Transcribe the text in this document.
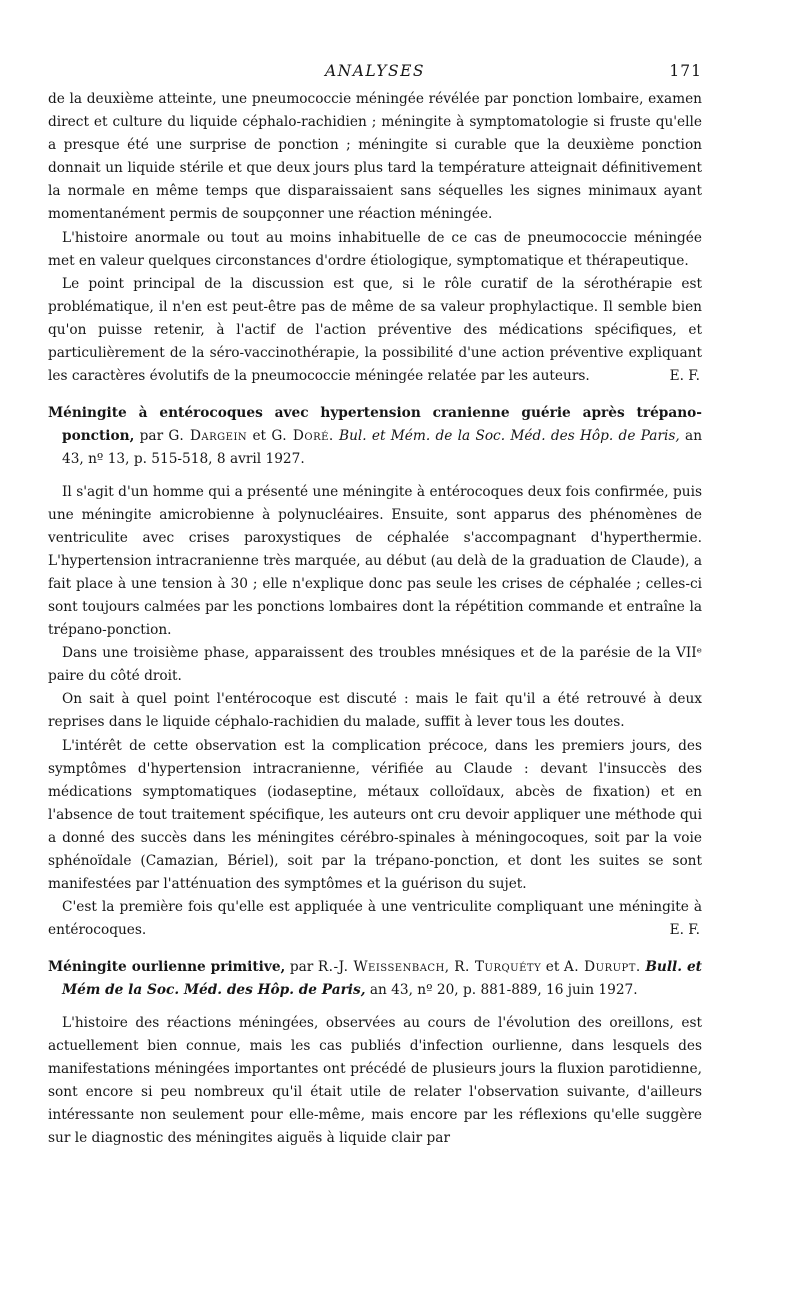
ANALYSES	171

de la deuxième atteinte, une pneumococcie méningée révélée par ponction lombaire, examen direct et culture du liquide céphalo-rachidien ; méningite à symptomatologie si fruste qu'elle a presque été une surprise de ponction ; méningite si curable que la deuxième ponction donnait un liquide stérile et que deux jours plus tard la température atteignait définitivement la normale en même temps que disparaissaient sans séquelles les signes minimaux ayant momentanément permis de soupçonner une réaction méningée.

L'histoire anormale ou tout au moins inhabituelle de ce cas de pneumococcie méningée met en valeur quelques circonstances d'ordre étiologique, symptomatique et thérapeutique.

Le point principal de la discussion est que, si le rôle curatif de la sérothérapie est problématique, il n'en est peut-être pas de même de sa valeur prophylactique. Il semble bien qu'on puisse retenir, à l'actif de l'action préventive des médications spécifiques, et particulièrement de la séro-vaccinothérapie, la possibilité d'une action préventive expliquant les caractères évolutifs de la pneumococcie méningée relatée par les auteurs.	E. F.

Méningite à entérocoques avec hypertension cranienne guérie après trépano-ponction, par G. Dargein et G. Doré. Bul. et Mém. de la Soc. Méd. des Hôp. de Paris, an 43, nº 13, p. 515-518, 8 avril 1927.

Il s'agit d'un homme qui a présenté une méningite à entérocoques deux fois confirmée, puis une méningite amicrobienne à polynucléaires. Ensuite, sont apparus des phénomènes de ventriculite avec crises paroxystiques de céphalée s'accompagnant d'hyperthermie. L'hypertension intracranienne très marquée, au début (au delà de la graduation de Claude), a fait place à une tension à 30 ; elle n'explique donc pas seule les crises de céphalée ; celles-ci sont toujours calmées par les ponctions lombaires dont la répétition commande et entraîne la trépano-ponction.

Dans une troisième phase, apparaissent des troubles mnésiques et de la parésie de la VIIᵉ paire du côté droit.

On sait à quel point l'entérocoque est discuté : mais le fait qu'il a été retrouvé à deux reprises dans le liquide céphalo-rachidien du malade, suffit à lever tous les doutes.

L'intérêt de cette observation est la complication précoce, dans les premiers jours, des symptômes d'hypertension intracranienne, vérifiée au Claude : devant l'insuccès des médications symptomatiques (iodaseptine, métaux colloïdaux, abcès de fixation) et en l'absence de tout traitement spécifique, les auteurs ont cru devoir appliquer une méthode qui a donné des succès dans les méningites cérébro-spinales à méningocoques, soit par la voie sphénoïdale (Camazian, Bériel), soit par la trépano-ponction, et dont les suites se sont manifestées par l'atténuation des symptômes et la guérison du sujet.

C'est la première fois qu'elle est appliquée à une ventriculite compliquant une méningite à entérocoques.	E. F.

Méningite ourlienne primitive, par R.-J. Weissenbach, R. Turquéty et A. Durupt. Bull. et Mém de la Soc. Méd. des Hôp. de Paris, an 43, nº 20, p. 881-889, 16 juin 1927.

L'histoire des réactions méningées, observées au cours de l'évolution des oreillons, est actuellement bien connue, mais les cas publiés d'infection ourlienne, dans lesquels des manifestations méningées importantes ont précédé de plusieurs jours la fluxion parotidienne, sont encore si peu nombreux qu'il était utile de relater l'observation suivante, d'ailleurs intéressante non seulement pour elle-même, mais encore par les réflexions qu'elle suggère sur le diagnostic des méningites aiguës à liquide clair par
